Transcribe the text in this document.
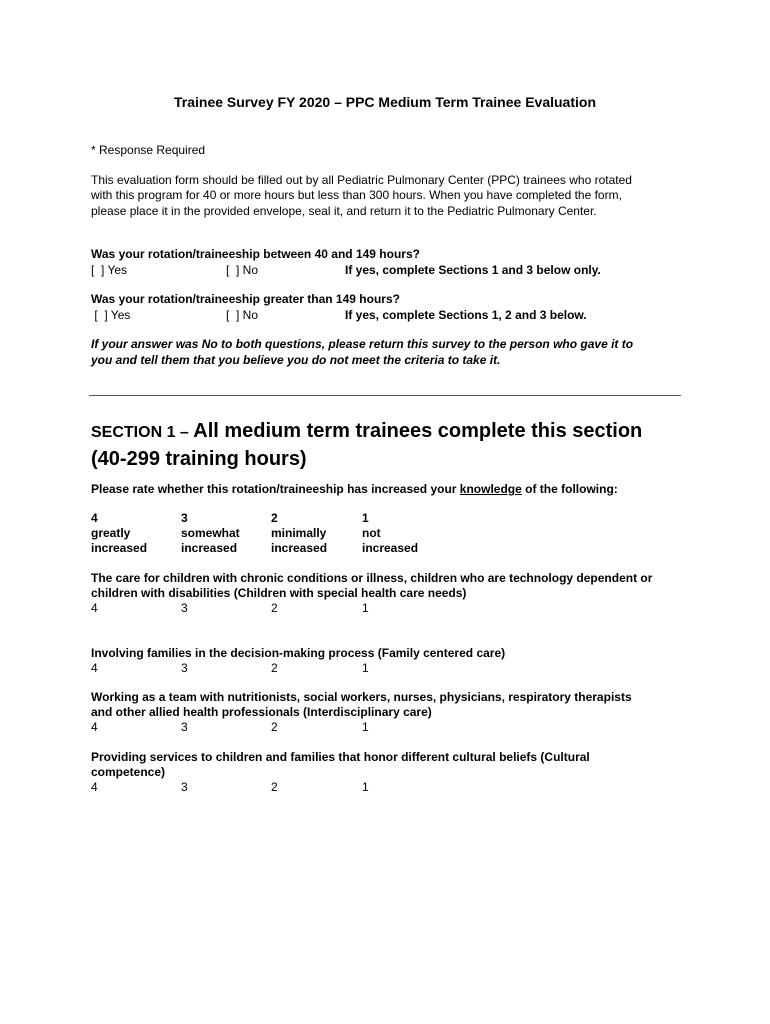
Trainee Survey FY 2020 – PPC Medium Term Trainee Evaluation

* Response Required

This evaluation form should be filled out by all Pediatric Pulmonary Center (PPC) trainees who rotated

with this program for 40 or more hours but less than 300 hours. When you have completed the form,

please place it in the provided envelope, seal it, and return it to the Pediatric Pulmonary Center.

Was your rotation/traineeship between 40 and 149 hours?

[  ] Yes	[  ] No	If yes, complete Sections 1 and 3 below only.

Was your rotation/traineeship greater than 149 hours?

[  ] Yes	[  ] No	If yes, complete Sections 1, 2 and 3 below.

If your answer was No to both questions, please return this survey to the person who gave it to

you and tell them that you believe you do not meet the criteria to take it.

SECTION 1 – All medium term trainees complete this section
(40-299 training hours)

Please rate whether this rotation/traineeship has increased your knowledge of the following:

4
greatly
increased
3
somewhat
increased
2
minimally
increased
1
not
increased

The care for children with chronic conditions or illness, children who are technology dependent or

children with disabilities (Children with special health care needs)

4	3	2	1

Involving families in the decision-making process (Family centered care)

4	3	2	1

Working as a team with nutritionists, social workers, nurses, physicians, respiratory therapists

and other allied health professionals (Interdisciplinary care)

4	3	2	1

Providing services to children and families that honor different cultural beliefs (Cultural

competence)

4	3	2	1
